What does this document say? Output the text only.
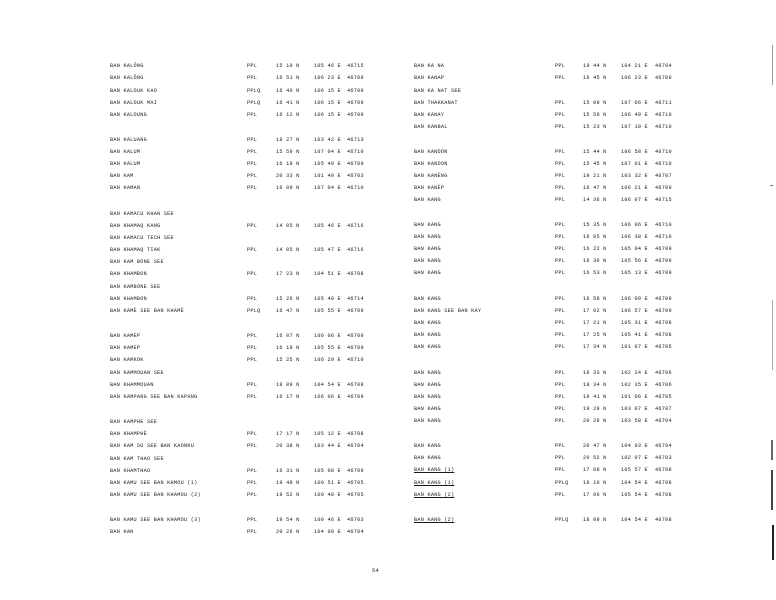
BAN KALÔNG	PPL	15 10 N	105 46 E 46715
BAN KALÔNG	PPL	16 51 N	106 23 E 46709
BAN KALOUK KAO	PPLQ	16 40 N	106 15 E 46709
BAN KALOUK MAI	PPLQ	16 41 N	106 15 E 46709
BAN KALOUNG	PPL	16 12 N	106 15 E 46709
BAN KALUANG	PPL	18 27 N	103 42 E 46713
BAN KALUM	PPL	15 59 N	107 04 E 46710
BAN KALUM	PPL	16 19 N	105 40 E 46709
BAN KAM	PPL	20 33 N	101 40 E 46703
BAN KAMAN	PPL	16 09 N	107 04 E 46710
BAN KAMACU KHAN SEE
BAN KHAMAQ KANG	PPL	14 05 N	105 46 E 46716
BAN KAMACU TECH SEE
BAN KHAMAQ TIAK	PPL	14 05 N	105 47 E 46716
BAN KAM BONE SEE
BAN KHAMBON	PPL	17 23 N	104 51 E 46708
BAN KAMBONE SEE
BAN KHAMBON	PPL	15 26 N	105 49 E 46714
BAN KAMÈ SEE BAN KHAMÈ	PPLQ	16 47 N	105 55 E 46709
BAN KAMEP	PPL	16 07 N	106 06 E 46709
BAN KAMEP	PPL	16 19 N	105 55 E 46709
BAN KAMKOK	PPL	15 25 N	106 29 E 46710
BAN KAMMOUAN SEE
BAN KHAMMOUAN	PPL	18 09 N	104 54 E 46708
BAN KAMPANG SEE BAN KAPANG	PPL	16 17 N	106 06 E 46709
BAN KAMPHE SEE
BAN KHAMPHÈ	PPL	17 17 N	105 12 E 46708
BAN KAM SU SEE BAN KAONKU	PPL	20 38 N	103 44 E 46704
BAN KAM THAO SEE
BAN KHAMTHAO	PPL	16 31 N	105 08 E 46709
BAN KAMU SEE BAN KHMOU (1)	PPL	19 48 N	100 51 E 46705
BAN KAMU SEE BAN KHAMOU (2)	PPL	19 52 N	100 48 E 46705
BAN KAMU SEE BAN KHAMOU (3)	PPL	19 54 N	100 46 E 46703
BAN KAN	PPL	20 26 N	104 00 E 46704
BAN KA NA	PPL	19 44 N	104 21 E 46704
BAN KANAP	PPL	16 45 N	106 23 E 46709
BAN KA NAT SEE
BAN THAKKANAT	PPL	15 09 N	107 06 E 46711
BAN KANAY	PPL	15 59 N	106 49 E 46710
BAN KANBAL	PPL	15 23 N	107 19 E 46710
BAN KANDON	PPL	15 44 N	106 58 E 46710
BAN KANDON	PPL	15 45 N	107 01 E 46710
BAN KANÈNG	PPL	19 21 N	103 32 E 46707
BAN KANÈP	PPL	16 47 N	106 21 E 46709
BAN KANG	PPL	14 36 N	106 07 E 46715
BAN KANG	PPL	15 35 N	106 06 E 46710
BAN KANG	PPL	16 05 N	106 38 E 46710
BAN KANG	PPL	16 22 N	105 04 E 46709
BAN KANG	PPL	16 36 N	105 56 E 46709
BAN KANG	PPL	16 53 N	105 13 E 46709
BAN KANG	PPL	16 58 N	106 09 E 46709
BAN KANG SEE BAN KAY	PPL	17 02 N	106 57 E 46709
BAN KANG	PPL	17 21 N	105 31 E 46708
BAN KANG	PPL	17 25 N	105 41 E 46708
BAN KANG	PPL	17 34 N	101 07 E 46705
BAN KANG	PPL	18 33 N	102 24 E 46706
BAN KANG	PPL	18 34 N	102 35 E 46706
BAN KANG	PPL	19 41 N	101 06 E 46705
BAN KANG	PPL	19 29 N	103 07 E 46707
BAN KANG	PPL	20 28 N	103 58 E 46704
BAN KANG	PPL	20 47 N	104 03 E 46704
BAN KANG	PPL	20 52 N	102 07 E 46703
BAN KANG (1)	PPL	17 08 N	105 57 E 46708
BAN KANG (1)	PPLQ	18 10 N	104 54 E 46708
BAN KANG (2)	PPL	17 06 N	105 54 E 46708
BAN KANG (2)	PPLQ	18 09 N	104 54 E 46708
54
